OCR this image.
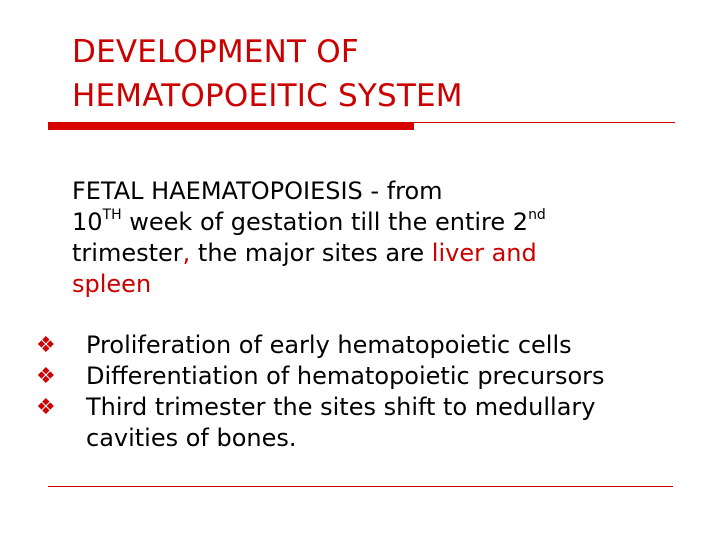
DEVELOPMENT OF
HEMATOPOEITIC SYSTEM
FETAL HAEMATOPOIESIS - from
10TH week of gestation till the entire 2nd
trimester, the major sites are liver and
spleen
❖	Proliferation of early hematopoietic cells
❖	Differentiation of hematopoietic precursors
❖	Third trimester the sites shift to medullary
cavities of bones.
